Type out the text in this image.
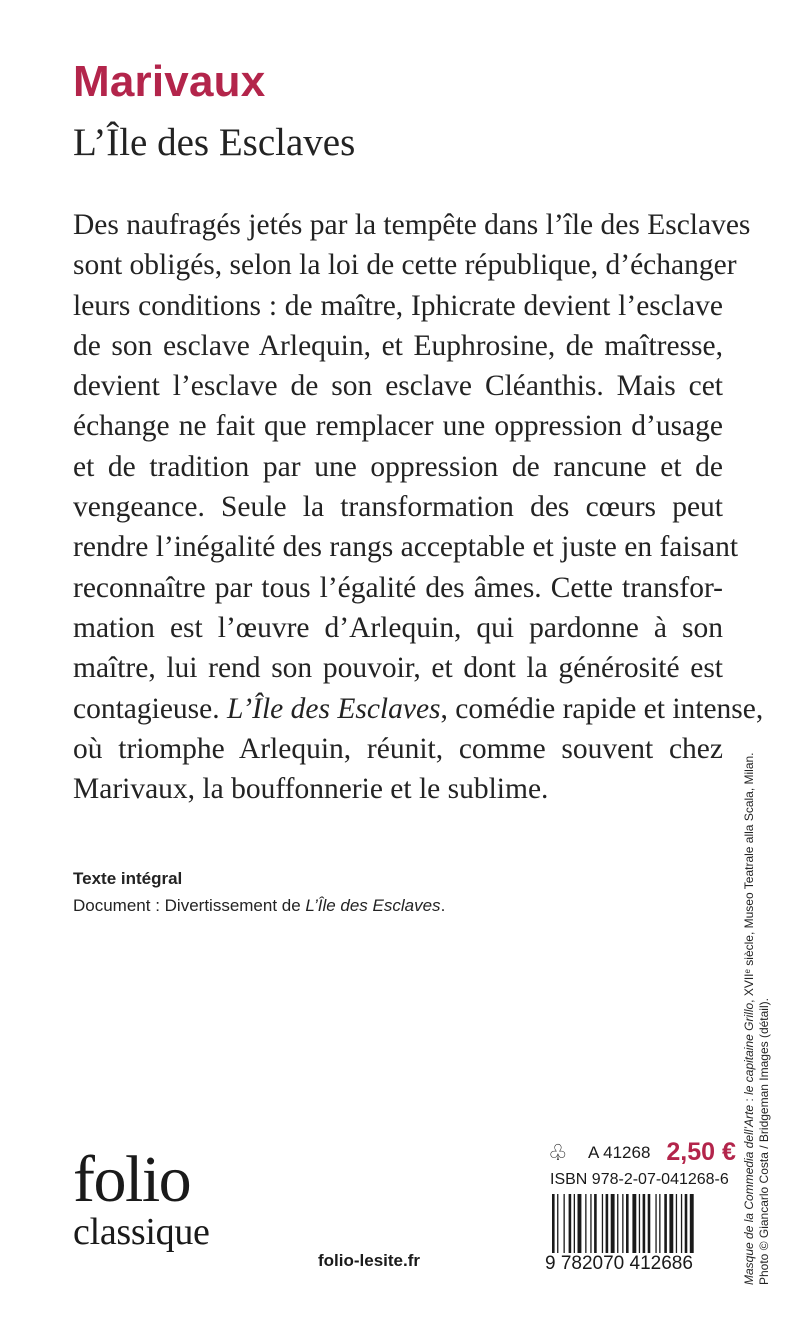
Marivaux
L’Île des Esclaves

Des naufragés jetés par la tempête dans l’île des Esclaves
sont obligés, selon la loi de cette république, d’échanger
leurs conditions : de maître, Iphicrate devient l’esclave
de son esclave Arlequin, et Euphrosine, de maîtresse,
devient l’esclave de son esclave Cléanthis. Mais cet
échange ne fait que remplacer une oppression d’usage
et de tradition par une oppression de rancune et de
vengeance. Seule la transformation des cœurs peut
rendre l’inégalité des rangs acceptable et juste en faisant
reconnaître par tous l’égalité des âmes. Cette transfor-
mation est l’œuvre d’Arlequin, qui pardonne à son
maître, lui rend son pouvoir, et dont la générosité est
contagieuse. L’Île des Esclaves, comédie rapide et intense,
où triomphe Arlequin, réunit, comme souvent chez
Marivaux, la bouffonnerie et le sublime.

Texte intégral
Document : Divertissement de L’Île des Esclaves.
folio
classique
folio-lesite.fr
♧	A 41268 2,50 €
ISBN 978-2-07-041268-6
9 782070 412686	Masque de la Commedia dell’Arte : le capitaine Grillo, XVIIᵉ siècle, Museo Teatrale alla Scala, Milan.
Photo © Giancarlo Costa / Bridgeman Images (détail).
